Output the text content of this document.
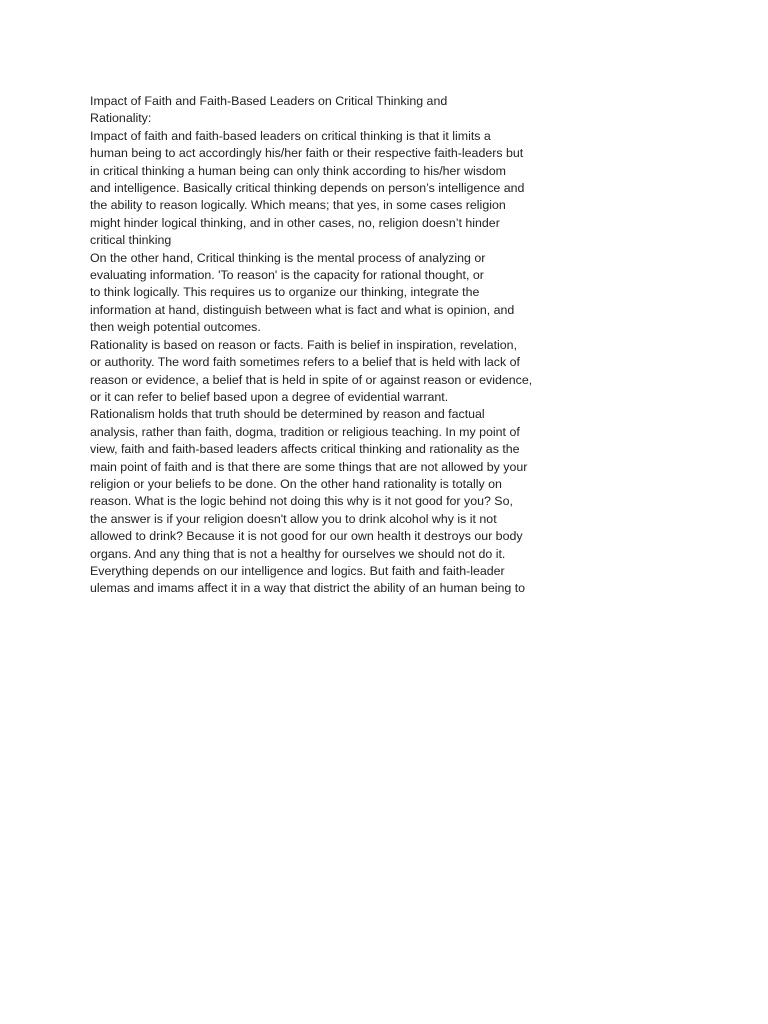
Impact of Faith and Faith-Based Leaders on Critical Thinking and
Rationality:
Impact of faith and faith-based leaders on critical thinking is that it limits a
human being to act accordingly his/her faith or their respective faith-leaders but
in critical thinking a human being can only think according to his/her wisdom
and intelligence. Basically critical thinking depends on person’s intelligence and
the ability to reason logically. Which means; that yes, in some cases religion
might hinder logical thinking, and in other cases, no, religion doesn’t hinder
critical thinking
On the other hand, Critical thinking is the mental process of analyzing or
evaluating information. 'To reason' is the capacity for rational thought, or
to think logically. This requires us to organize our thinking, integrate the
information at hand, distinguish between what is fact and what is opinion, and
then weigh potential outcomes.
Rationality is based on reason or facts. Faith is belief in inspiration, revelation,
or authority. The word faith sometimes refers to a belief that is held with lack of
reason or evidence, a belief that is held in spite of or against reason or evidence,
or it can refer to belief based upon a degree of evidential warrant.
Rationalism holds that truth should be determined by reason and factual
analysis, rather than faith, dogma, tradition or religious teaching. In my point of
view, faith and faith-based leaders affects critical thinking and rationality as the
main point of faith and is that there are some things that are not allowed by your
religion or your beliefs to be done. On the other hand rationality is totally on
reason. What is the logic behind not doing this why is it not good for you? So,
the answer is if your religion doesn't allow you to drink alcohol why is it not
allowed to drink? Because it is not good for our own health it destroys our body
organs. And any thing that is not a healthy for ourselves we should not do it.
Everything depends on our intelligence and logics. But faith and faith-leader
ulemas and imams affect it in a way that district the ability of an human being to
